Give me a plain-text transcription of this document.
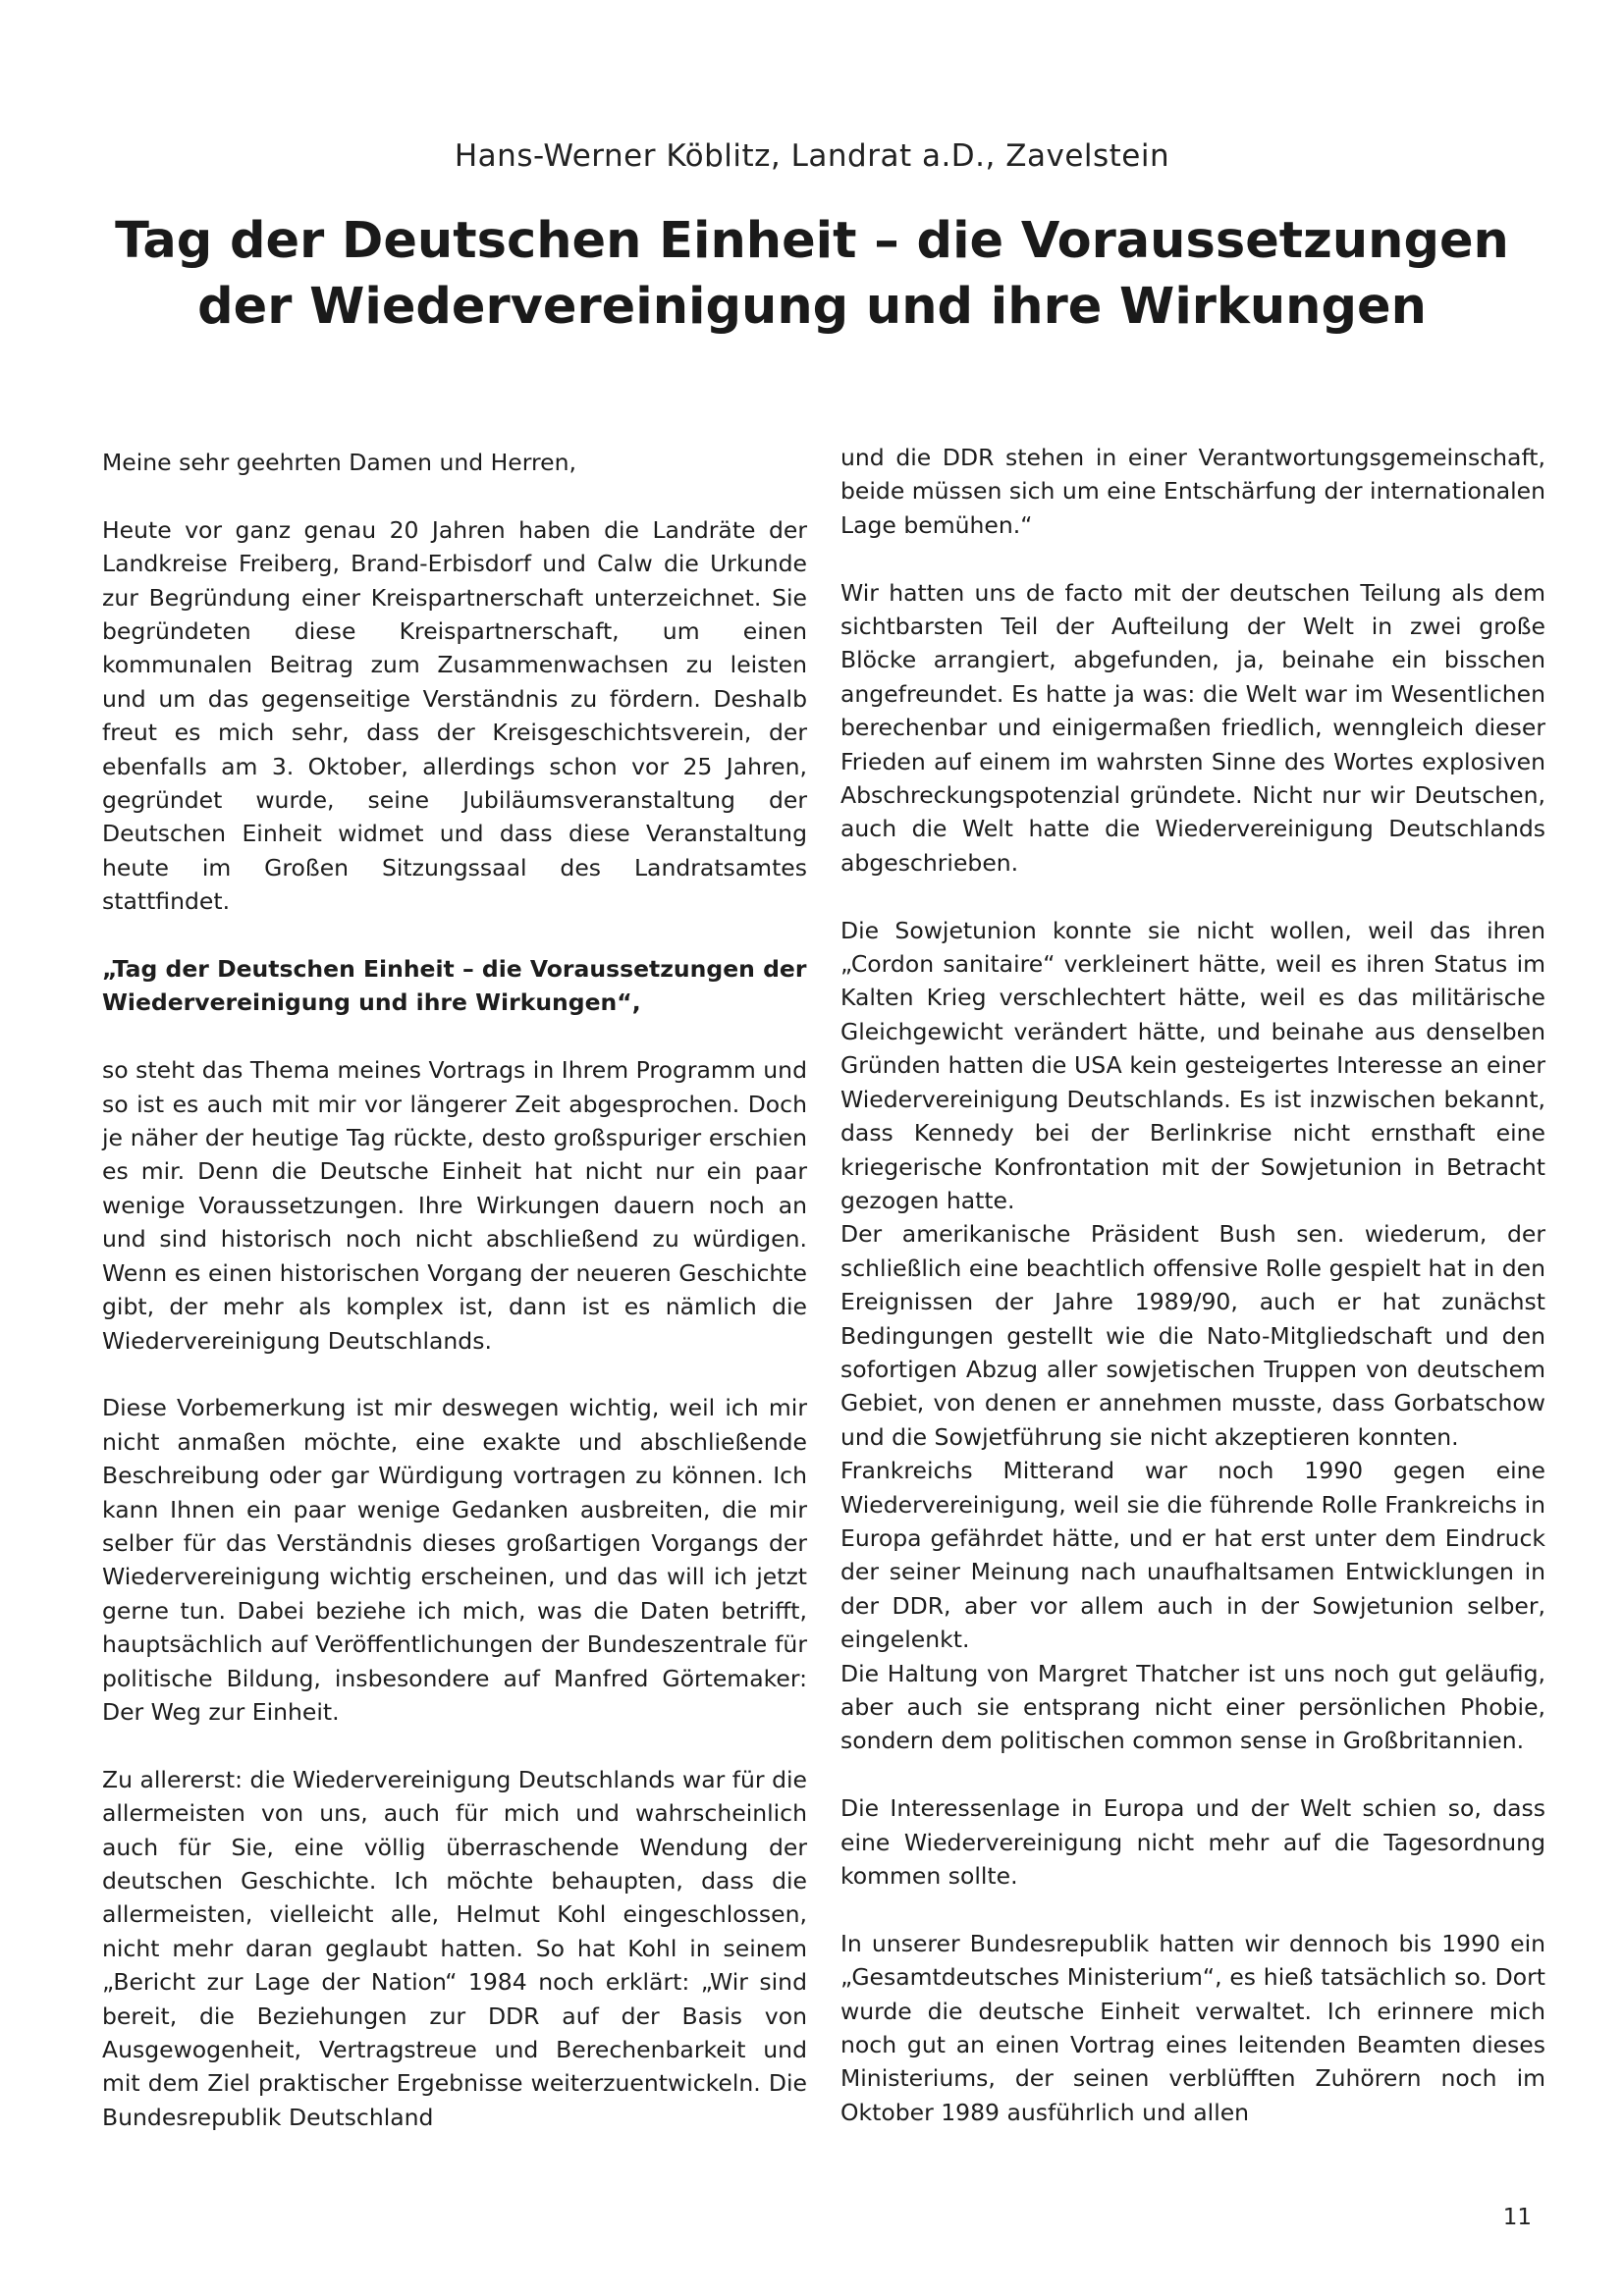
Hans-Werner Köblitz, Landrat a.D., Zavelstein

Tag der Deutschen Einheit – die Voraussetzungen
der Wiedervereinigung und ihre Wirkungen

Meine sehr geehrten Damen und Herren,

Heute vor ganz genau 20 Jahren haben die Landräte der Landkreise Freiberg, Brand-Erbisdorf und Calw die Urkunde zur Begründung einer Kreispartnerschaft unterzeichnet. Sie begründeten diese Kreispartnerschaft, um einen kommunalen Beitrag zum Zusammenwachsen zu leisten und um das gegenseitige Verständnis zu fördern. Deshalb freut es mich sehr, dass der Kreisgeschichtsverein, der ebenfalls am 3. Oktober, allerdings schon vor 25 Jahren, gegründet wurde, seine Jubiläumsveranstaltung der Deutschen Einheit widmet und dass diese Veranstaltung heute im Großen Sitzungssaal des Landratsamtes stattfindet.

„Tag der Deutschen Einheit – die Voraussetzungen der Wiedervereinigung und ihre Wirkungen“,

so steht das Thema meines Vortrags in Ihrem Programm und so ist es auch mit mir vor längerer Zeit abgesprochen. Doch je näher der heutige Tag rückte, desto großspuriger erschien es mir. Denn die Deutsche Einheit hat nicht nur ein paar wenige Voraussetzungen. Ihre Wirkungen dauern noch an und sind historisch noch nicht abschließend zu würdigen. Wenn es einen historischen Vorgang der neueren Geschichte gibt, der mehr als komplex ist, dann ist es nämlich die Wiedervereinigung Deutschlands.

Diese Vorbemerkung ist mir deswegen wichtig, weil ich mir nicht anmaßen möchte, eine exakte und abschließende Beschreibung oder gar Würdigung vortragen zu können. Ich kann Ihnen ein paar wenige Gedanken ausbreiten, die mir selber für das Verständnis dieses großartigen Vorgangs der Wiedervereinigung wichtig erscheinen, und das will ich jetzt gerne tun. Dabei beziehe ich mich, was die Daten betrifft, hauptsächlich auf Veröffentlichungen der Bundeszentrale für politische Bildung, insbesondere auf Manfred Görtemaker: Der Weg zur Einheit.

Zu allererst: die Wiedervereinigung Deutschlands war für die allermeisten von uns, auch für mich und wahrscheinlich auch für Sie, eine völlig überraschende Wendung der deutschen Geschichte. Ich möchte behaupten, dass die allermeisten, vielleicht alle, Helmut Kohl eingeschlossen, nicht mehr daran geglaubt hatten. So hat Kohl in seinem „Bericht zur Lage der Nation“ 1984 noch erklärt: „Wir sind bereit, die Beziehungen zur DDR auf der Basis von Ausgewogenheit, Vertragstreue und Berechenbarkeit und mit dem Ziel praktischer Ergebnisse weiterzuentwickeln. Die Bundesrepublik Deutschland

und die DDR stehen in einer Verantwortungsgemeinschaft, beide müssen sich um eine Entschärfung der internationalen Lage bemühen.“

Wir hatten uns de facto mit der deutschen Teilung als dem sichtbarsten Teil der Aufteilung der Welt in zwei große Blöcke arrangiert, abgefunden, ja, beinahe ein bisschen angefreundet. Es hatte ja was: die Welt war im Wesentlichen berechenbar und einigermaßen friedlich, wenngleich dieser Frieden auf einem im wahrsten Sinne des Wortes explosiven Abschreckungspotenzial gründete. Nicht nur wir Deutschen, auch die Welt hatte die Wiedervereinigung Deutschlands abgeschrieben.

Die Sowjetunion konnte sie nicht wollen, weil das ihren „Cordon sanitaire“ verkleinert hätte, weil es ihren Status im Kalten Krieg verschlechtert hätte, weil es das militärische Gleichgewicht verändert hätte, und beinahe aus denselben Gründen hatten die USA kein gesteigertes Interesse an einer Wiedervereinigung Deutschlands. Es ist inzwischen bekannt, dass Kennedy bei der Berlinkrise nicht ernsthaft eine kriegerische Konfrontation mit der Sowjetunion in Betracht gezogen hatte.

Der amerikanische Präsident Bush sen. wiederum, der schließlich eine beachtlich offensive Rolle gespielt hat in den Ereignissen der Jahre 1989/90, auch er hat zunächst Bedingungen gestellt wie die Nato-Mitgliedschaft und den sofortigen Abzug aller sowjetischen Truppen von deutschem Gebiet, von denen er annehmen musste, dass Gorbatschow und die Sowjetführung sie nicht akzeptieren konnten.

Frankreichs Mitterand war noch 1990 gegen eine Wiedervereinigung, weil sie die führende Rolle Frankreichs in Europa gefährdet hätte, und er hat erst unter dem Eindruck der seiner Meinung nach unaufhaltsamen Entwicklungen in der DDR, aber vor allem auch in der Sowjetunion selber, eingelenkt.

Die Haltung von Margret Thatcher ist uns noch gut geläufig, aber auch sie entsprang nicht einer persönlichen Phobie, sondern dem politischen common sense in Großbritannien.

Die Interessenlage in Europa und der Welt schien so, dass eine Wiedervereinigung nicht mehr auf die Tagesordnung kommen sollte.

In unserer Bundesrepublik hatten wir dennoch bis 1990 ein „Gesamtdeutsches Ministerium“, es hieß tatsächlich so. Dort wurde die deutsche Einheit verwaltet. Ich erinnere mich noch gut an einen Vortrag eines leitenden Beamten dieses Ministeriums, der seinen verblüfften Zuhörern noch im Oktober 1989 ausführlich und allen

11
